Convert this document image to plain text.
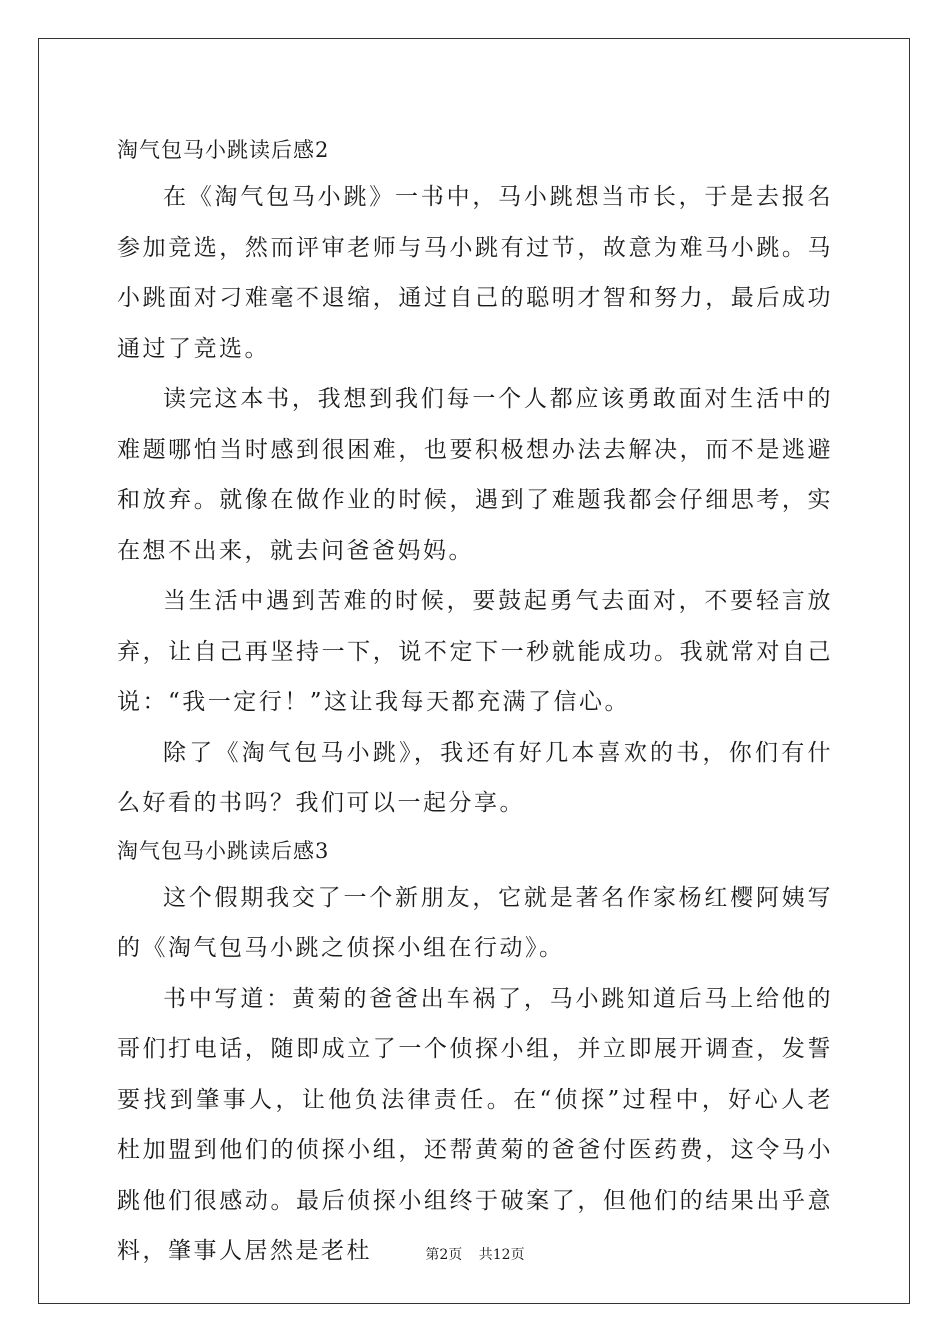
淘气包马小跳读后感2

在《淘气包马小跳》一书中，马小跳想当市长，于是去报名参加竞选，然而评审老师与马小跳有过节，故意为难马小跳。马小跳面对刁难毫不退缩，通过自己的聪明才智和努力，最后成功通过了竞选。

读完这本书，我想到我们每一个人都应该勇敢面对生活中的难题哪怕当时感到很困难，也要积极想办法去解决，而不是逃避和放弃。就像在做作业的时候，遇到了难题我都会仔细思考，实在想不出来，就去问爸爸妈妈。

当生活中遇到苦难的时候，要鼓起勇气去面对，不要轻言放弃，让自己再坚持一下，说不定下一秒就能成功。我就常对自己说：“我一定行！”这让我每天都充满了信心。

除了《淘气包马小跳》，我还有好几本喜欢的书，你们有什么好看的书吗？我们可以一起分享。

淘气包马小跳读后感3

这个假期我交了一个新朋友，它就是著名作家杨红樱阿姨写的《淘气包马小跳之侦探小组在行动》。

书中写道：黄菊的爸爸出车祸了，马小跳知道后马上给他的哥们打电话，随即成立了一个侦探小组，并立即展开调查，发誓要找到肇事人，让他负法律责任。在“侦探”过程中，好心人老杜加盟到他们的侦探小组，还帮黄菊的爸爸付医药费，这令马小跳他们很感动。最后侦探小组终于破案了，但他们的结果出乎意料，肇事人居然是老杜	第2页 共12页
